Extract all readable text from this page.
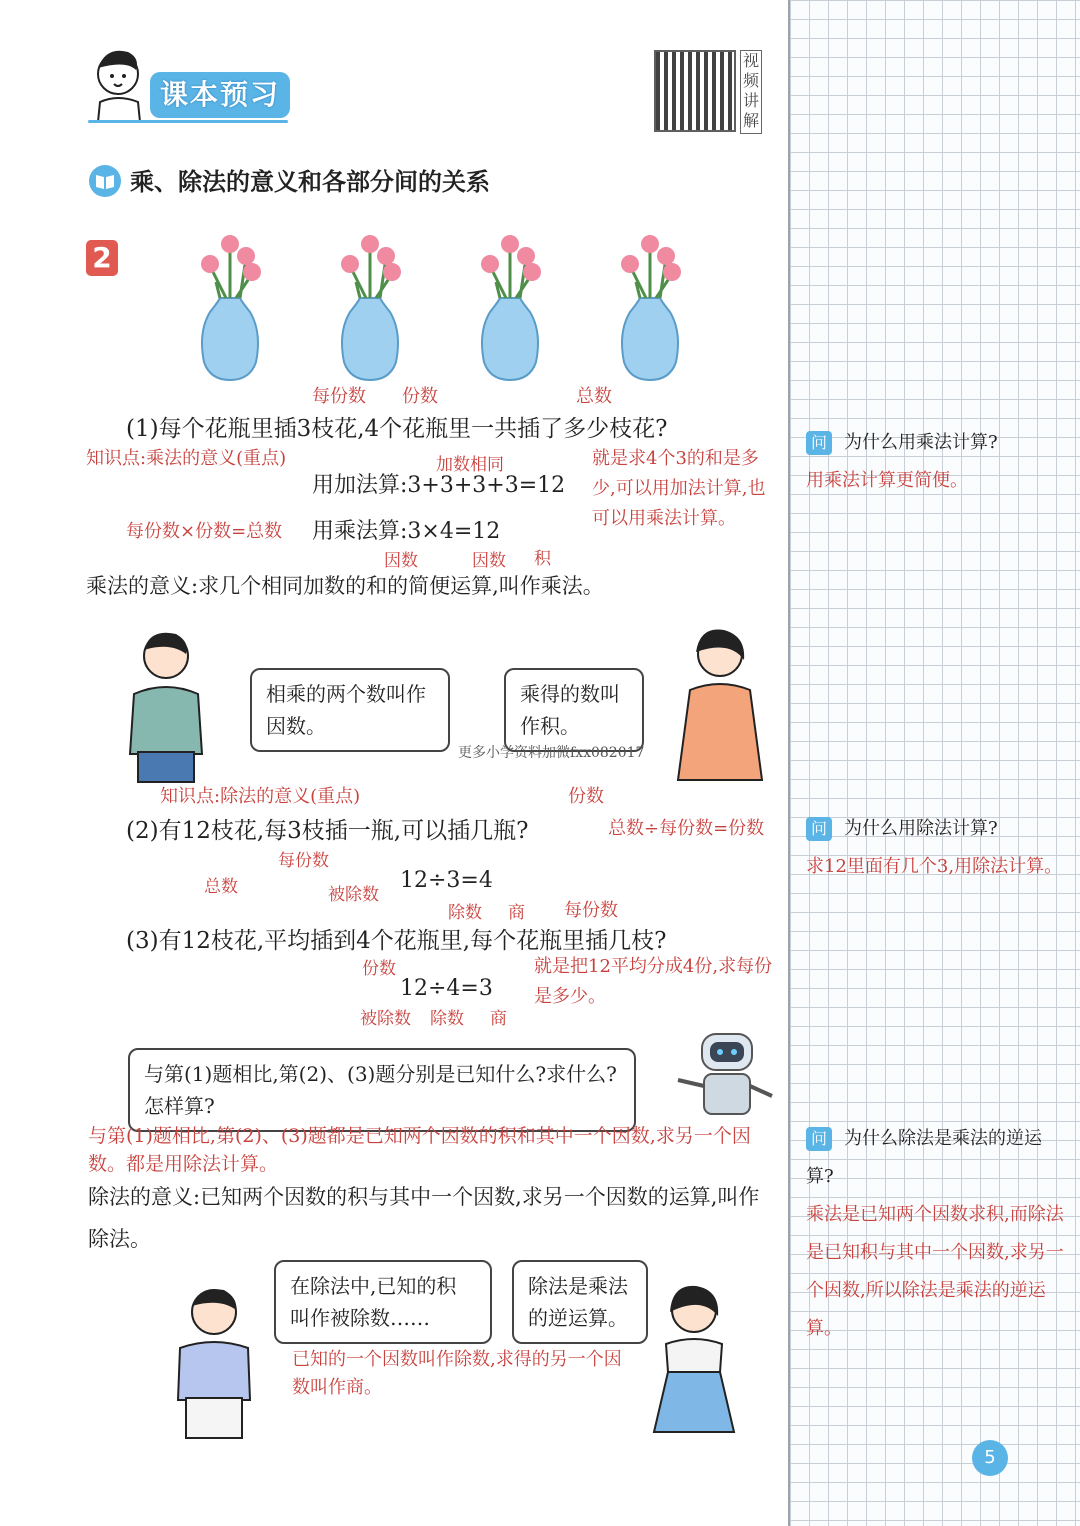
课本预习
视频讲解
乘、除法的意义和各部分间的关系
2
每份数 份数	总数
(1)每个花瓶里插3枝花,4个花瓶里一共插了多少枝花?
知识点:乘法的意义(重点)	加数相同
用加法算:3+3+3+3=12
就是求4个3的和是多少,可以用加法计算,也可以用乘法计算。
每份数×份数=总数 用乘法算:3×4=12
因数	因数 积
乘法的意义:求几个相同加数的和的简便运算,叫作乘法。
相乘的两个数叫作因数。
乘得的数叫作积。
更多小学资料加微fxx082017
知识点:除法的意义(重点)	份数
(2)有12枝花,每3枝插一瓶,可以插几瓶?	总数÷每份数=份数
每份数
总数	被除数
12÷3=4
除数 商 每份数
(3)有12枝花,平均插到4个花瓶里,每个花瓶里插几枝?
份数	就是把12平均分成4份,求每份是多少。
12÷4=3
被除数 除数 商
与第(1)题相比,第(2)、(3)题分别是已知什么?求什么?怎样算?
与第(1)题相比,第(2)、(3)题都是已知两个因数的积和其中一个因数,求另一个因数。都是用除法计算。
除法的意义:已知两个因数的积与其中一个因数,求另一个因数的运算,叫作除法。
在除法中,已知的积叫作被除数……
除法是乘法的逆运算。
已知的一个因数叫作除数,求得的另一个因数叫作商。
问 为什么用乘法计算?
用乘法计算更简便。
问 为什么用除法计算?
求12里面有几个3,用除法计算。
问 为什么除法是乘法的逆运算?
乘法是已知两个因数求积,而除法是已知积与其中一个因数,求另一个因数,所以除法是乘法的逆运算。
5
